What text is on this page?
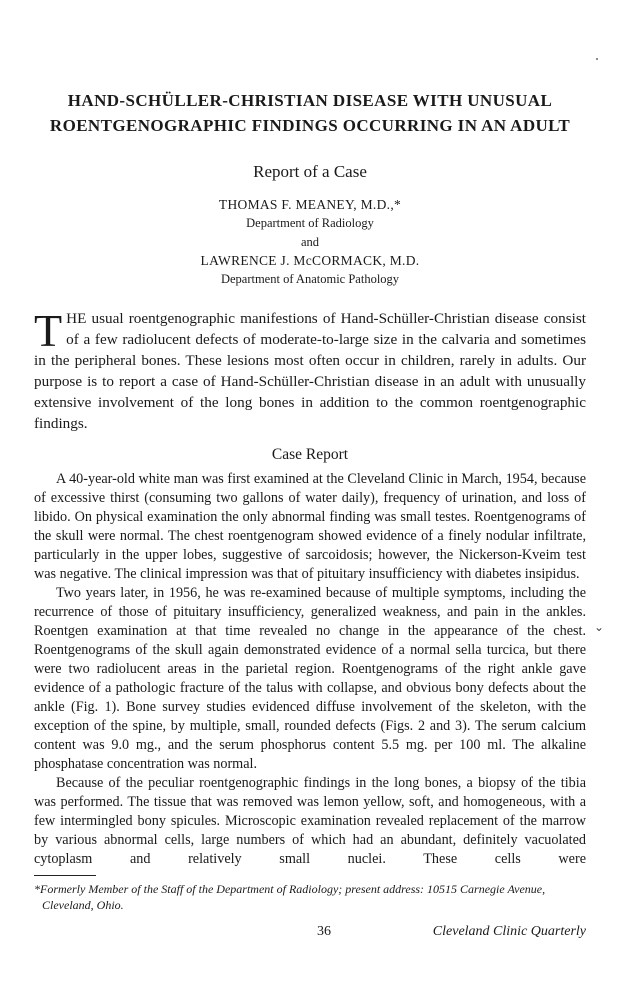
HAND-SCHÜLLER-CHRISTIAN DISEASE WITH UNUSUAL
ROENTGENOGRAPHIC FINDINGS OCCURRING IN AN ADULT
Report of a Case
THOMAS F. MEANEY, M.D.,*
Department of Radiology
and
LAWRENCE J. McCORMACK, M.D.
Department of Anatomic Pathology
THE usual roentgenographic manifestions of Hand-Schüller-Christian disease consist of a few radiolucent defects of moderate-to-large size in the calvaria and sometimes in the peripheral bones. These lesions most often occur in children, rarely in adults. Our purpose is to report a case of Hand-Schüller-Christian disease in an adult with unusually extensive involvement of the long bones in addition to the common roentgenographic findings.
Case Report

A 40-year-old white man was first examined at the Cleveland Clinic in March, 1954, because of excessive thirst (consuming two gallons of water daily), frequency of urination, and loss of libido. On physical examination the only abnormal finding was small testes. Roentgenograms of the skull were normal. The chest roentgenogram showed evidence of a finely nodular infiltrate, particularly in the upper lobes, suggestive of sarcoidosis; however, the Nickerson-Kveim test was negative. The clinical impression was that of pituitary insufficiency with diabetes insipidus.

Two years later, in 1956, he was re-examined because of multiple symptoms, including the recurrence of those of pituitary insufficiency, generalized weakness, and pain in the ankles. Roentgen examination at that time revealed no change in the appearance of the chest. Roentgenograms of the skull again demonstrated evidence of a normal sella turcica, but there were two radiolucent areas in the parietal region. Roentgenograms of the right ankle gave evidence of a pathologic fracture of the talus with collapse, and obvious bony defects about the ankle (Fig. 1). Bone survey studies evidenced diffuse involvement of the skeleton, with the exception of the spine, by multiple, small, rounded defects (Figs. 2 and 3). The serum calcium content was 9.0 mg., and the serum phosphorus content 5.5 mg. per 100 ml. The alkaline phosphatase concentration was normal.

Because of the peculiar roentgenographic findings in the long bones, a biopsy of the tibia was performed. The tissue that was removed was lemon yellow, soft, and homogeneous, with a few intermingled bony spicules. Microscopic examination revealed replacement of the marrow by various abnormal cells, large numbers of which had an abundant, definitely vacuolated cytoplasm and relatively small nuclei. These cells were

*Formerly Member of the Staff of the Department of Radiology; present address: 10515 Carnegie Avenue, Cleveland, Ohio.
⌄
36	Cleveland Clinic Quarterly
